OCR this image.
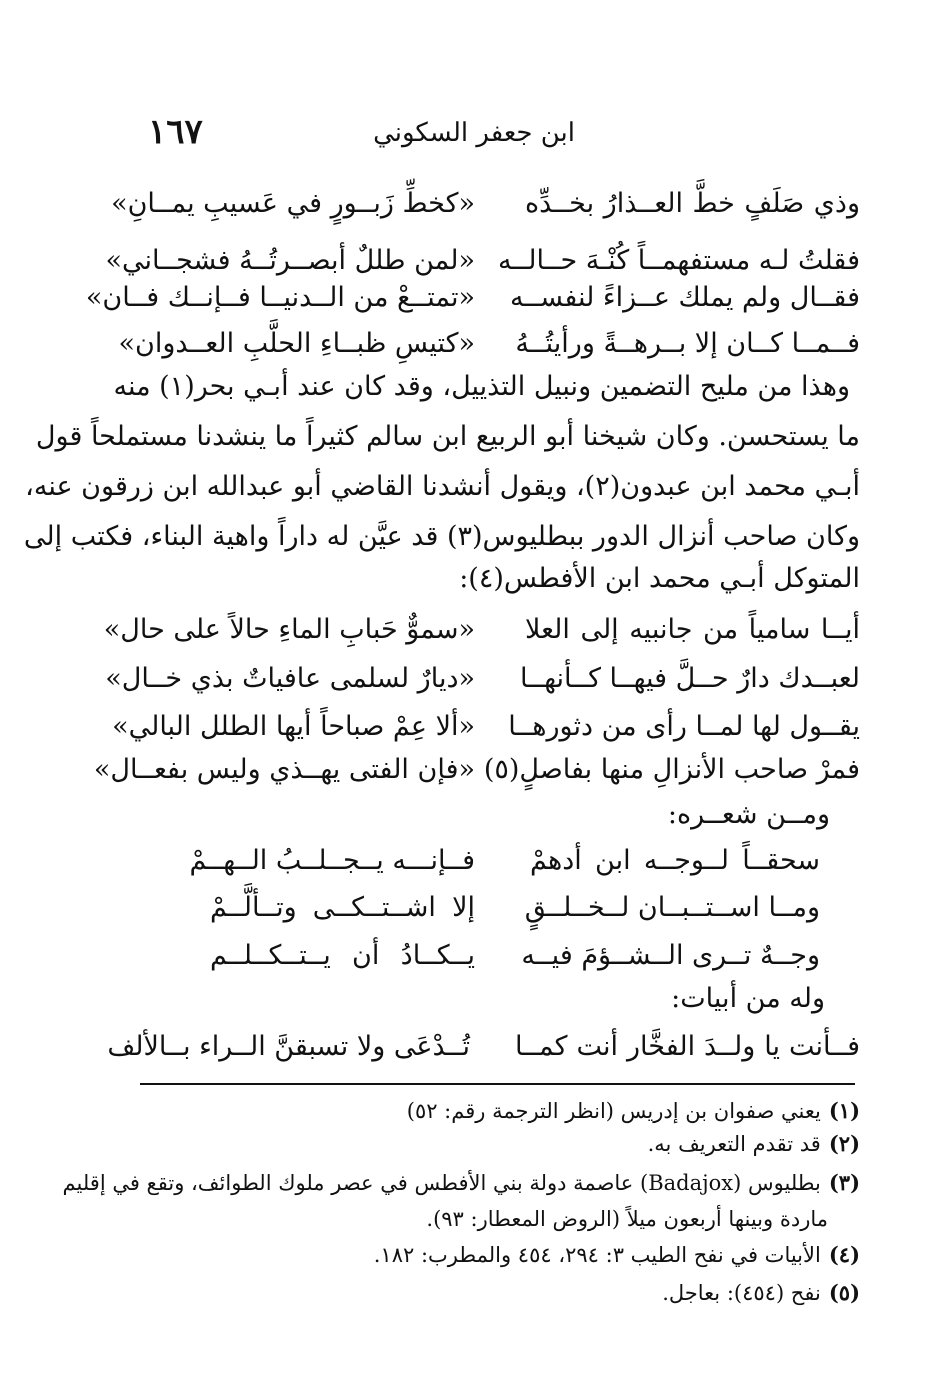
ابن جعفر السكوني
١٦٧
وذي صَلَفٍ خطَّ العــذارُ بخــدِّه
«كخطِّ زَبــورٍ في عَسيبِ يمــانِ»
فقلتُ لـه مستفهمــاً كُنْـهَ حــالــه
«لمن طللٌ أبصــرتُــهُ فشجــاني»
فقــال ولم يملك عــزاءً لنفســه
«تمتــعْ من الــدنيــا فــإنــك فــان»
فــمــا كــان إلا بــرهــةً ورأيتُــهُ
«كتيسِ ظبــاءِ الحلَّبِ العــدوان»
وهذا من مليح التضمين ونبيل التذييل، وقد كان عند أبـي بحر(١) منه
ما يستحسن. وكان شيخنا أبو الربيع ابن سالم كثيراً ما ينشدنا مستملحاً قول
أبـي محمد ابن عبدون(٢)، ويقول أنشدنا القاضي أبو عبدالله ابن زرقون عنه،
وكان صاحب أنزال الدور ببطليوس(٣) قد عيَّن له داراً واهية البناء، فكتب إلى
المتوكل أبـي محمد ابن الأفطس(٤):
أيــا سامياً من جانبيه إلى العلا
«سموٌّ حَبابِ الماءِ حالاً على حال»
لعبــدك دارٌ حــلَّ فيهــا كــأنهــا
«ديارٌ لسلمى عافياتٌ بذي خــال»
يقــول لها لمــا رأى من دثورهــا
«ألا عِمْ صباحاً أيها الطلل البالي»
فمرْ صاحب الأنزالِ منها بفاصلٍ(٥)
«فإن الفتى يهــذي وليس بفعــال»
ومــن شعــره:
سحقــاً لــوجــه ابن أدهمْ
فــإنـــه يــجــلــبُ الــهــمْ
ومــا اســتــبــان لــخــلــقٍ
إلا اشــتــكــى وتــألَّــمْ
وجــهٌ تــرى الــشــؤمَ فيــه
يــكــادُ أن يــتــكــلــم
وله من أبيات:
فــأنت يا ولــدَ الفخَّار أنت كمــا
تُــدْعَى ولا تسبقنَّ الــراء بــالألف
(١)يعني صفوان بن إدريس (انظر الترجمة رقم: ٥٢)
(٢)قد تقدم التعريف به.
(٣)بطليوس (Badajox) عاصمة دولة بني الأفطس في عصر ملوك الطوائف، وتقع في إقليم
ماردة وبينها أربعون ميلاً (الروض المعطار: ٩٣).
(٤)الأبيات في نفح الطيب ٣: ٢٩٤، ٤٥٤ والمطرب: ١٨٢.
(٥)نفح (٤٥٤): بعاجل.
